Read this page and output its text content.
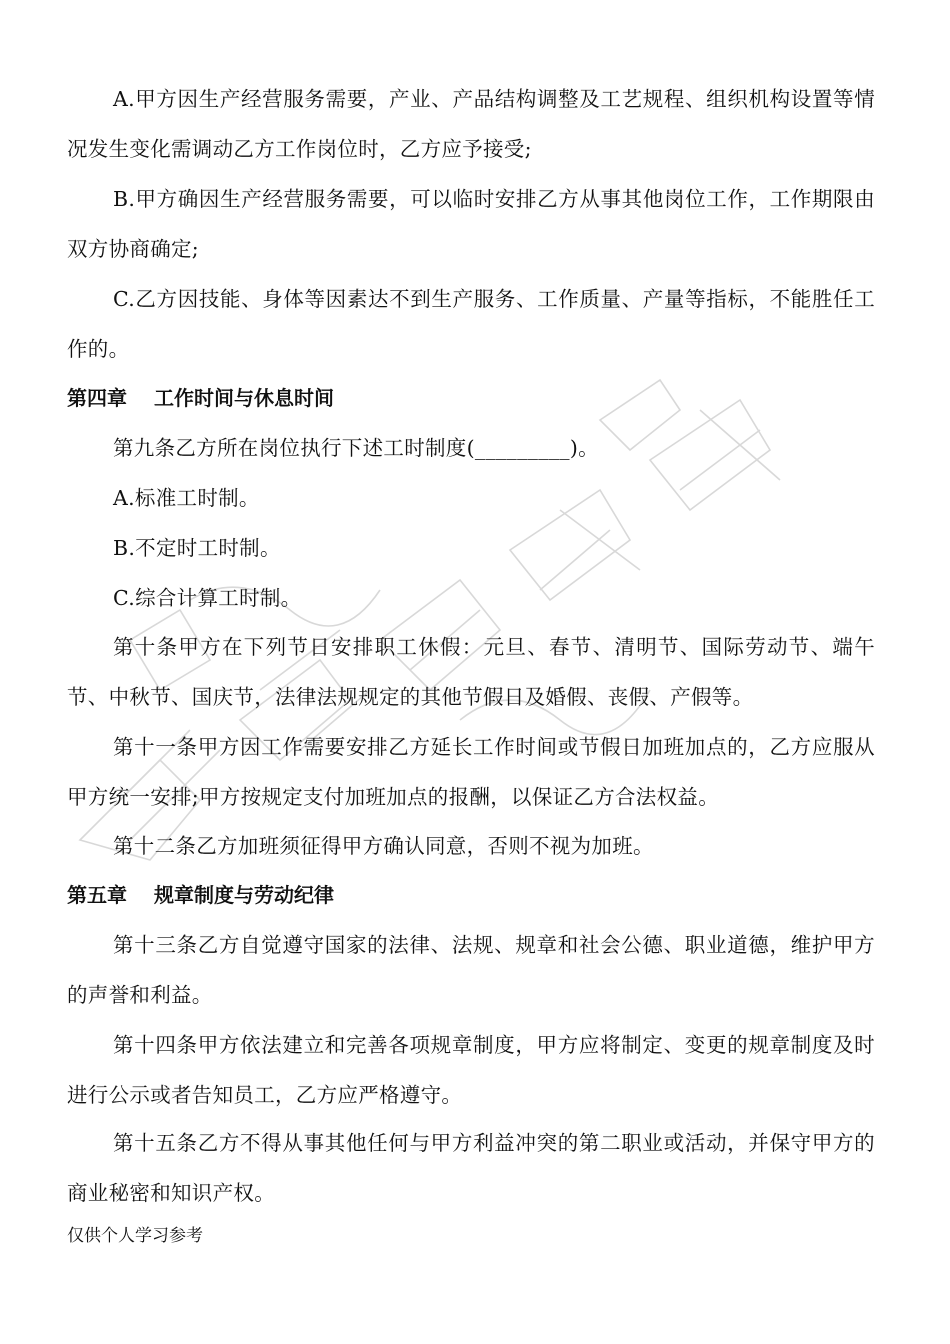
A.甲方因生产经营服务需要，产业、产品结构调整及工艺规程、组织机构设置等情况发生变化需调动乙方工作岗位时，乙方应予接受;

B.甲方确因生产经营服务需要，可以临时安排乙方从事其他岗位工作，工作期限由双方协商确定;

C.乙方因技能、身体等因素达不到生产服务、工作质量、产量等指标，不能胜任工作的。

第四章　 工作时间与休息时间

第九条乙方所在岗位执行下述工时制度(_________)。

A.标准工时制。

B.不定时工时制。

C.综合计算工时制。

第十条甲方在下列节日安排职工休假：元旦、春节、清明节、国际劳动节、端午节、中秋节、国庆节，法律法规规定的其他节假日及婚假、丧假、产假等。

第十一条甲方因工作需要安排乙方延长工作时间或节假日加班加点的，乙方应服从甲方统一安排;甲方按规定支付加班加点的报酬，以保证乙方合法权益。

第十二条乙方加班须征得甲方确认同意，否则不视为加班。

第五章　 规章制度与劳动纪律

第十三条乙方自觉遵守国家的法律、法规、规章和社会公德、职业道德，维护甲方的声誉和利益。

第十四条甲方依法建立和完善各项规章制度，甲方应将制定、变更的规章制度及时进行公示或者告知员工，乙方应严格遵守。

第十五条乙方不得从事其他任何与甲方利益冲突的第二职业或活动，并保守甲方的商业秘密和知识产权。

仅供个人学习参考
